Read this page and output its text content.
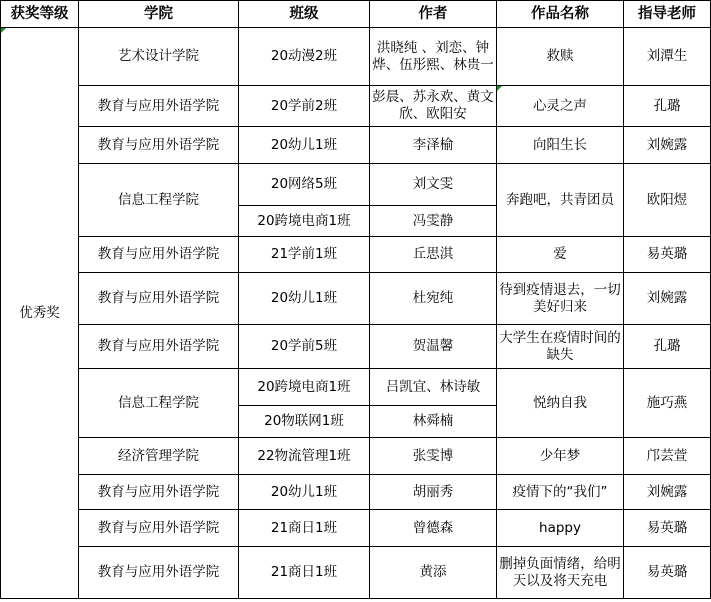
获奖等级	学院	班级	作者	作品名称	指导老师
优秀奖	艺术设计学院	20动漫2班	洪晓纯 、刘恋、钟烨、伍彤熙、林贵一	救赎	刘潭生
	教育与应用外语学院	20学前2班	彭晨、苏永欢、黄文欣、欧阳安	心灵之声	孔璐
	教育与应用外语学院	20幼儿1班	李泽榆	向阳生长	刘婉露
	信息工程学院	20网络5班	刘文雯	奔跑吧，共青团员	欧阳煜
		20跨境电商1班	冯雯静		
	教育与应用外语学院	21学前1班	丘思淇	爱	易英璐
	教育与应用外语学院	20幼儿1班	杜宛纯	待到疫情退去，一切美好归来	刘婉露
	教育与应用外语学院	20学前5班	贺温馨	大学生在疫情时间的缺失	孔璐
	信息工程学院	20跨境电商1班	吕凯宜、林诗敏	悦纳自我	施巧燕
		20物联网1班	林舜楠		
	经济管理学院	22物流管理1班	张雯博	少年梦	邝芸萱
	教育与应用外语学院	20幼儿1班	胡丽秀	疫情下的“我们”	刘婉露
	教育与应用外语学院	21商日1班	曾德森	happy	易英璐
	教育与应用外语学院	21商日1班	黄添	删掉负面情绪，给明天以及将天充电	易英璐
